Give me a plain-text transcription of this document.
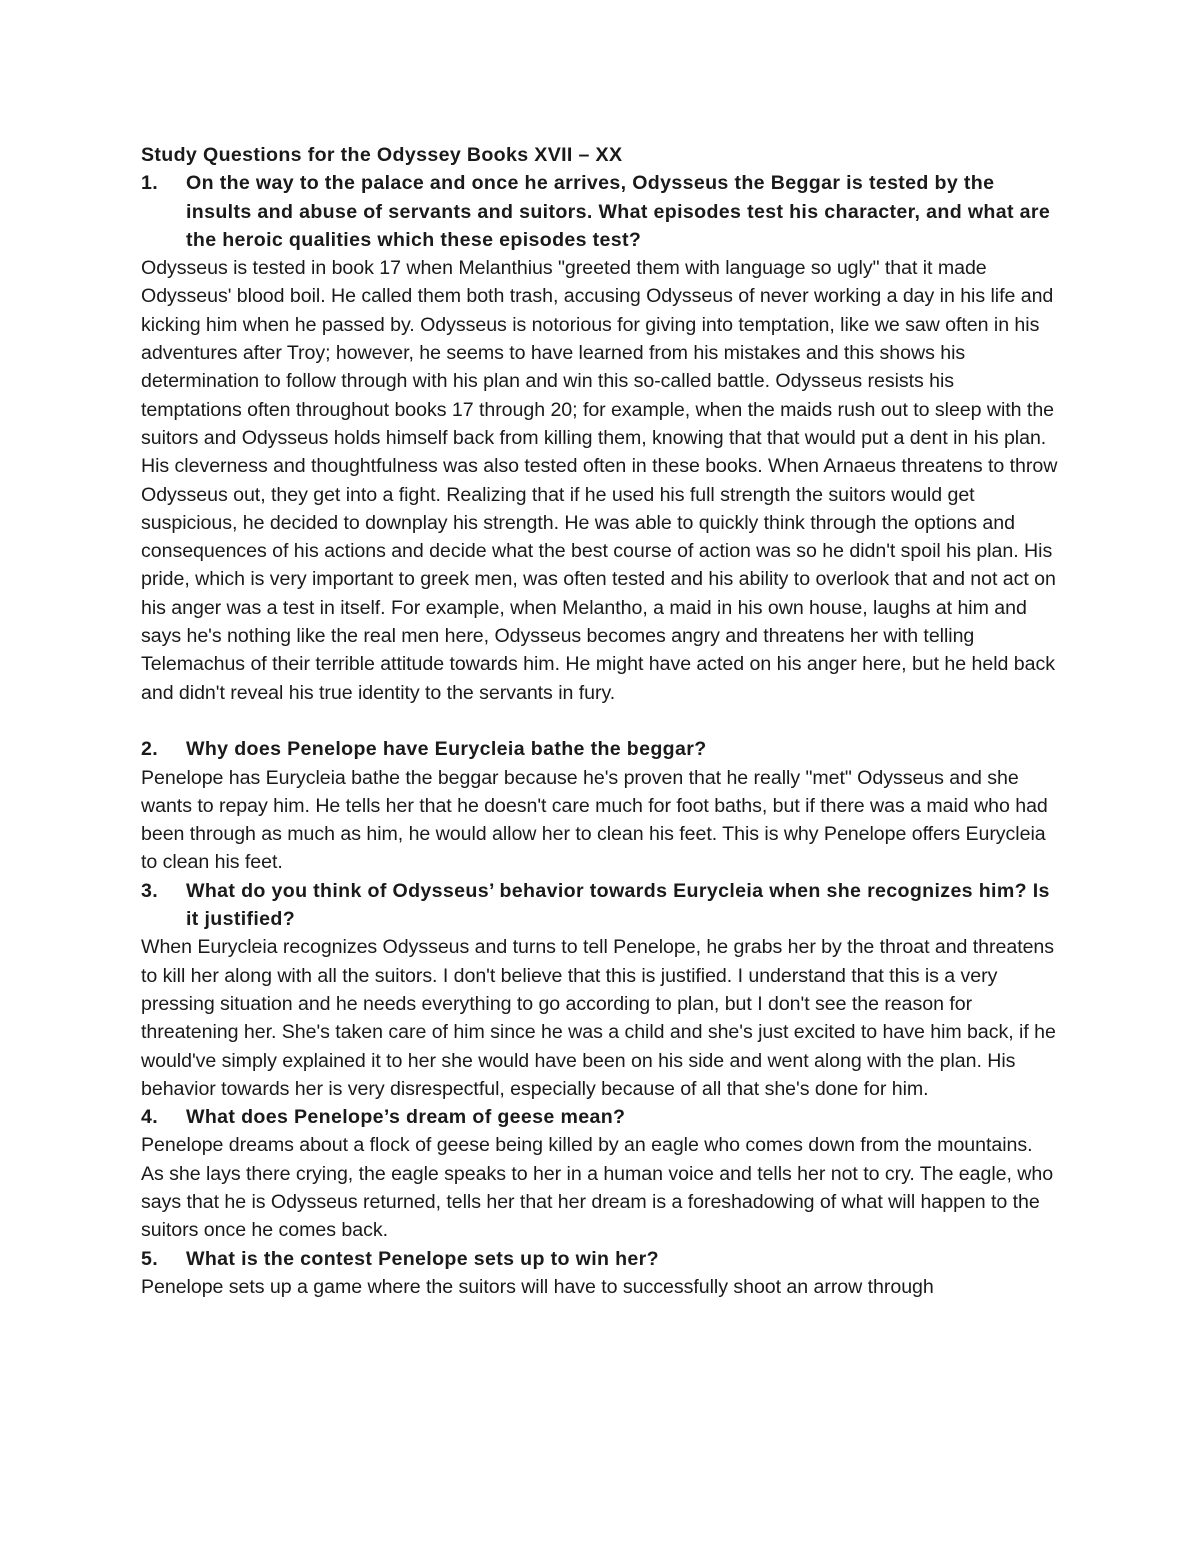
Study Questions for the Odyssey Books XVII – XX

1.	On the way to the palace and once he arrives, Odysseus the Beggar is tested by the insults and abuse of servants and suitors. What episodes test his character, and what are the heroic qualities which these episodes test?

Odysseus is tested in book 17 when Melanthius "greeted them with language so ugly" that it made Odysseus' blood boil. He called them both trash, accusing Odysseus of never working a day in his life and kicking him when he passed by. Odysseus is notorious for giving into temptation, like we saw often in his adventures after Troy; however, he seems to have learned from his mistakes and this shows his determination to follow through with his plan and win this so-called battle. Odysseus resists his temptations often throughout books 17 through 20; for example, when the maids rush out to sleep with the suitors and Odysseus holds himself back from killing them, knowing that that would put a dent in his plan. His cleverness and thoughtfulness was also tested often in these books. When Arnaeus threatens to throw Odysseus out, they get into a fight. Realizing that if he used his full strength the suitors would get suspicious, he decided to downplay his strength. He was able to quickly think through the options and consequences of his actions and decide what the best course of action was so he didn't spoil his plan. His pride, which is very important to greek men, was often tested and his ability to overlook that and not act on his anger was a test in itself. For example, when Melantho, a maid in his own house, laughs at him and says he's nothing like the real men here, Odysseus becomes angry and threatens her with telling Telemachus of their terrible attitude towards him. He might have acted on his anger here, but he held back and didn't reveal his true identity to the servants in fury.

2.	Why does Penelope have Eurycleia bathe the beggar?

Penelope has Eurycleia bathe the beggar because he's proven that he really "met" Odysseus and she wants to repay him. He tells her that he doesn't care much for foot baths, but if there was a maid who had been through as much as him, he would allow her to clean his feet. This is why Penelope offers Eurycleia to clean his feet.

3.	What do you think of Odysseus’ behavior towards Eurycleia when she recognizes him? Is it justified?

When Eurycleia recognizes Odysseus and turns to tell Penelope, he grabs her by the throat and threatens to kill her along with all the suitors. I don't believe that this is justified. I understand that this is a very pressing situation and he needs everything to go according to plan, but I don't see the reason for threatening her. She's taken care of him since he was a child and she's just excited to have him back, if he would've simply explained it to her she would have been on his side and went along with the plan. His behavior towards her is very disrespectful, especially because of all that she's done for him.

4.	What does Penelope’s dream of geese mean?

Penelope dreams about a flock of geese being killed by an eagle who comes down from the mountains. As she lays there crying, the eagle speaks to her in a human voice and tells her not to cry. The eagle, who says that he is Odysseus returned, tells her that her dream is a foreshadowing of what will happen to the suitors once he comes back.

5.	What is the contest Penelope sets up to win her?

Penelope sets up a game where the suitors will have to successfully shoot an arrow through
